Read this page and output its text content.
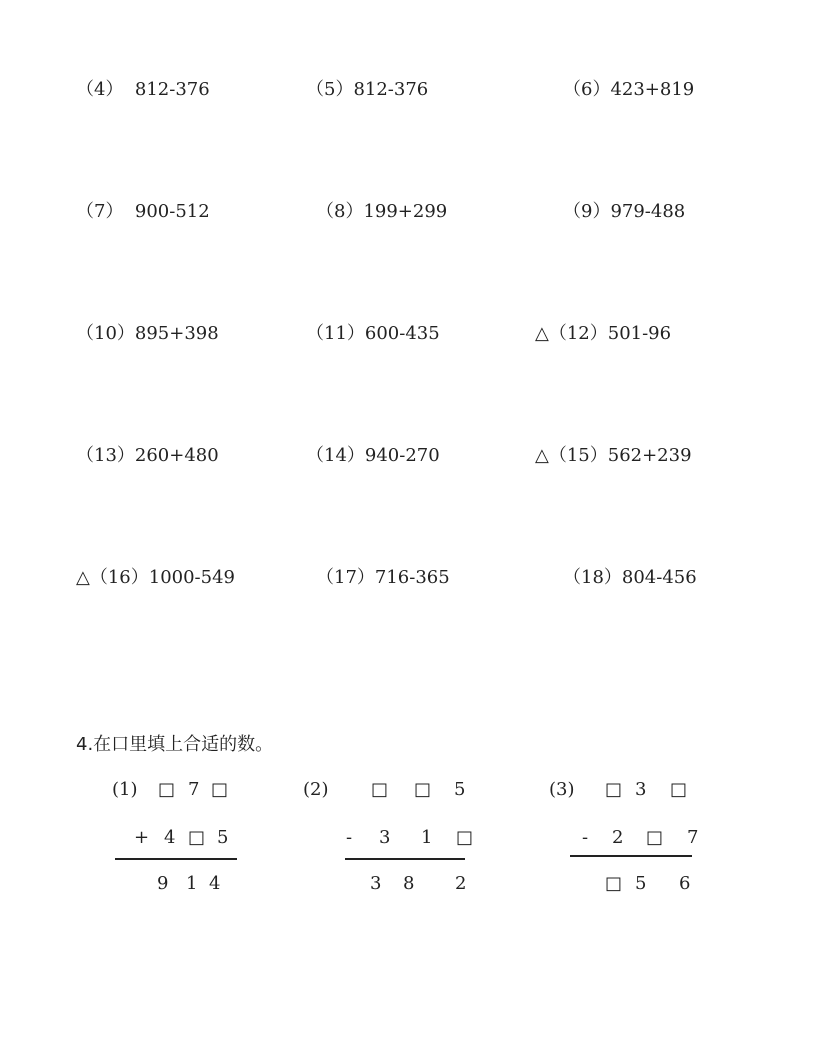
（4）  812-376	（5）812-376	（6）423+819
（7）  900-512	（8）199+299	（9）979-488
（10）895+398	（11）600-435	△（12）501-96
（13）260+480	（14）940-270	△（15）562+239
△（16）1000-549	（17）716-365	（18）804-456
4.在口里填上合适的数。
(1) □ 7 □
+ 4 □ 5
9 1 4
(2) □ □ 5
- 3 1 □
3 8 2
(3) □ 3 □
- 2 □ 7
□ 5 6
